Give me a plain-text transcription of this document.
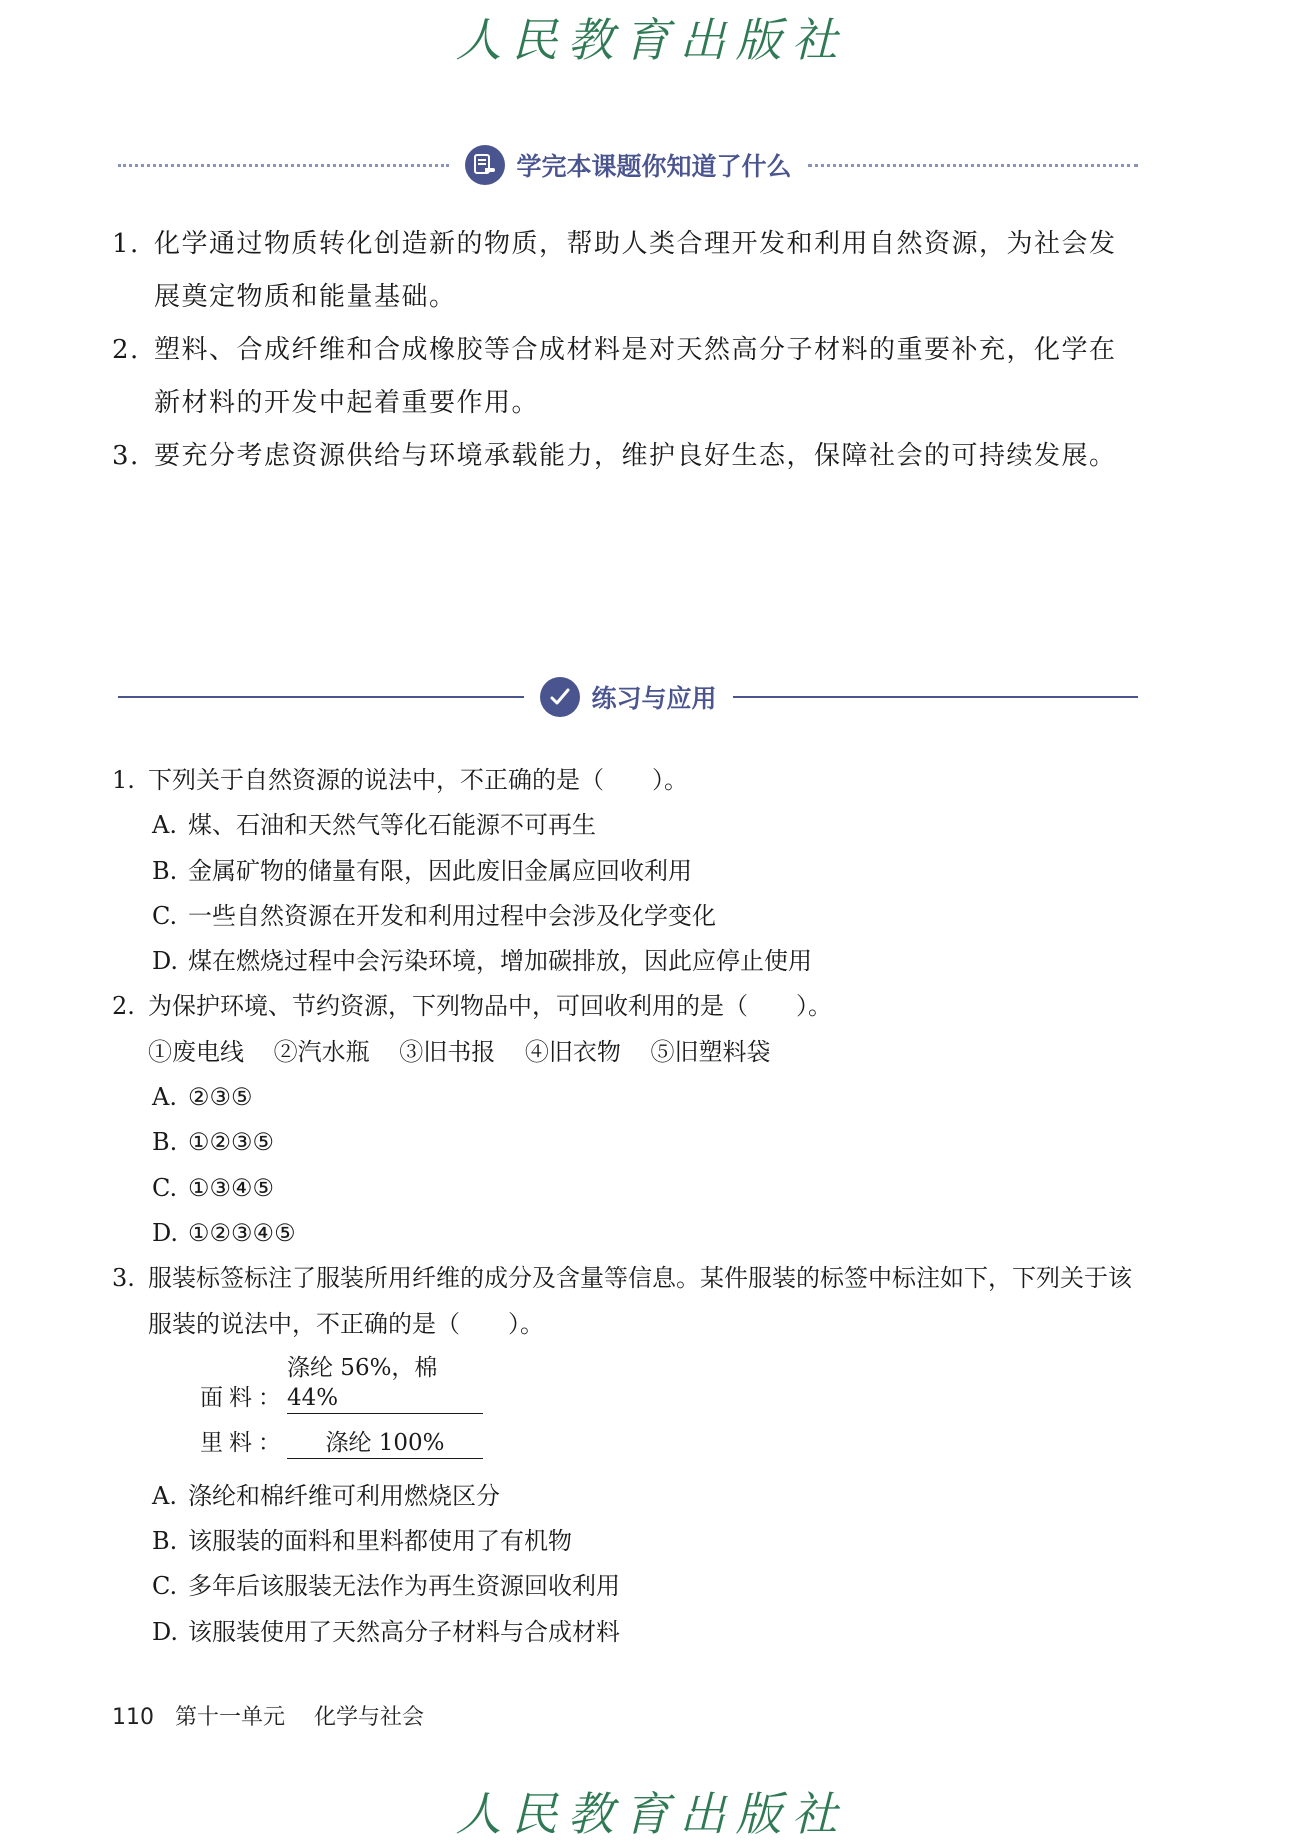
人民教育出版社
学完本课题你知道了什么
1. 化学通过物质转化创造新的物质，帮助人类合理开发和利用自然资源，为社会发展奠定物质和能量基础。
2. 塑料、合成纤维和合成橡胶等合成材料是对天然高分子材料的重要补充，化学在新材料的开发中起着重要作用。
3. 要充分考虑资源供给与环境承载能力，维护良好生态，保障社会的可持续发展。
练习与应用
1. 下列关于自然资源的说法中，不正确的是（　　）。
A. 煤、石油和天然气等化石能源不可再生
B. 金属矿物的储量有限，因此废旧金属应回收利用
C. 一些自然资源在开发和利用过程中会涉及化学变化
D. 煤在燃烧过程中会污染环境，增加碳排放，因此应停止使用
2. 为保护环境、节约资源，下列物品中，可回收利用的是（　　）。
①废电线 ②汽水瓶 ③旧书报 ④旧衣物 ⑤旧塑料袋
A. ②③⑤
B. ①②③⑤
C. ①③④⑤
D. ①②③④⑤
3. 服装标签标注了服装所用纤维的成分及含量等信息。某件服装的标签中标注如下，下列关于该服装的说法中，不正确的是（　　）。
面料：涤纶 56%，棉 44%
里料： 涤纶 100%
A. 涤纶和棉纤维可利用燃烧区分
B. 该服装的面料和里料都使用了有机物
C. 多年后该服装无法作为再生资源回收利用
D. 该服装使用了天然高分子材料与合成材料
110 第十一单元 化学与社会
人民教育出版社
